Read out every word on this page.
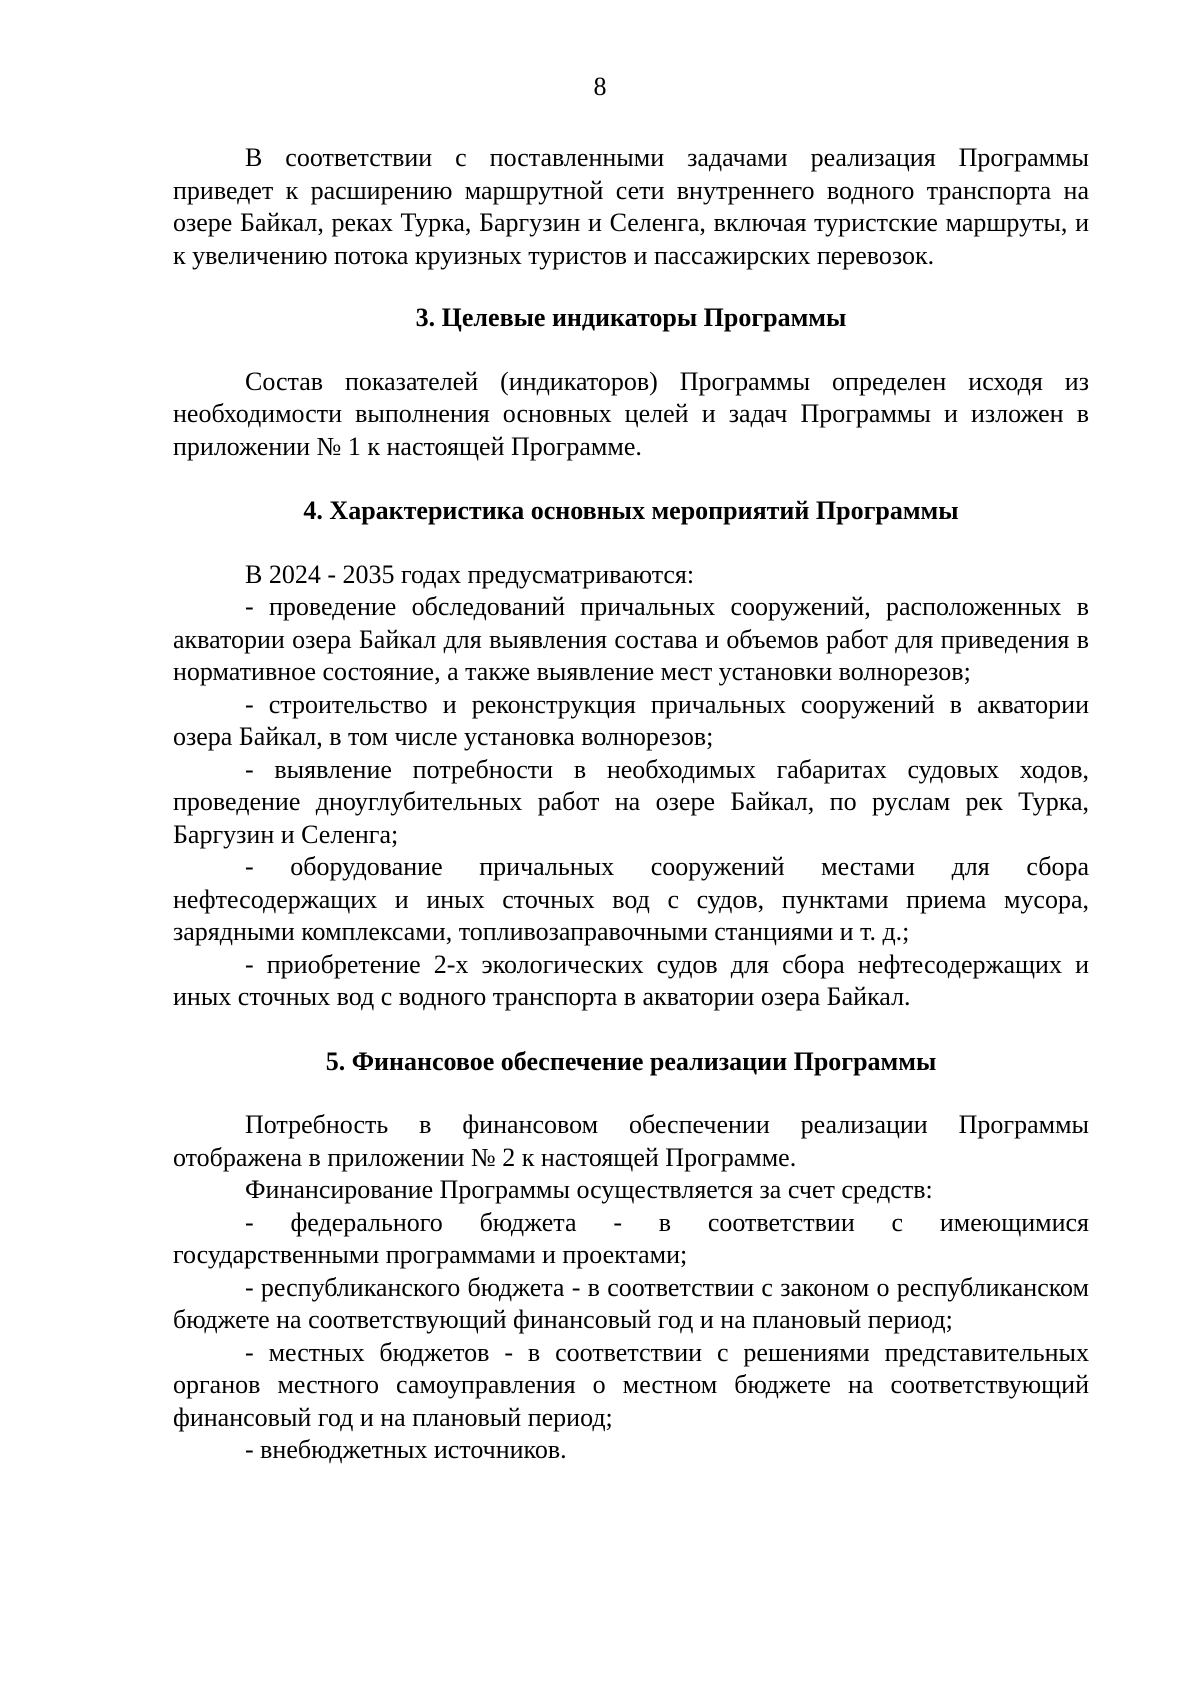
8

В соответствии с поставленными задачами реализация Программы приведет к расширению маршрутной сети внутреннего водного транспорта на озере Байкал, реках Турка, Баргузин и Селенга, включая туристские маршруты, и к увеличению потока круизных туристов и пассажирских перевозок.

3. Целевые индикаторы Программы

Состав показателей (индикаторов) Программы определен исходя из необходимости выполнения основных целей и задач Программы и изложен в приложении № 1 к настоящей Программе.

4. Характеристика основных мероприятий Программы

В 2024 - 2035 годах предусматриваются:

- проведение обследований причальных сооружений, расположенных в акватории озера Байкал для выявления состава и объемов работ для приведения в нормативное состояние, а также выявление мест установки волнорезов;

- строительство и реконструкция причальных сооружений в акватории озера Байкал, в том числе установка волнорезов;

- выявление потребности в необходимых габаритах судовых ходов, проведение дноуглубительных работ на озере Байкал, по руслам рек Турка, Баргузин и Селенга;

- оборудование причальных сооружений местами для сбора нефтесодержащих и иных сточных вод с судов, пунктами приема мусора, зарядными комплексами, топливозаправочными станциями и т. д.;

- приобретение 2-х экологических судов для сбора нефтесодержащих и иных сточных вод с водного транспорта в акватории озера Байкал.

5. Финансовое обеспечение реализации Программы

Потребность в финансовом обеспечении реализации Программы отображена в приложении № 2 к настоящей Программе.

Финансирование Программы осуществляется за счет средств:

- федерального бюджета - в соответствии с имеющимися государственными программами и проектами;

- республиканского бюджета - в соответствии с законом о республиканском бюджете на соответствующий финансовый год и на плановый период;

- местных бюджетов - в соответствии с решениями представительных органов местного самоуправления о местном бюджете на соответствующий финансовый год и на плановый период;

- внебюджетных источников.
